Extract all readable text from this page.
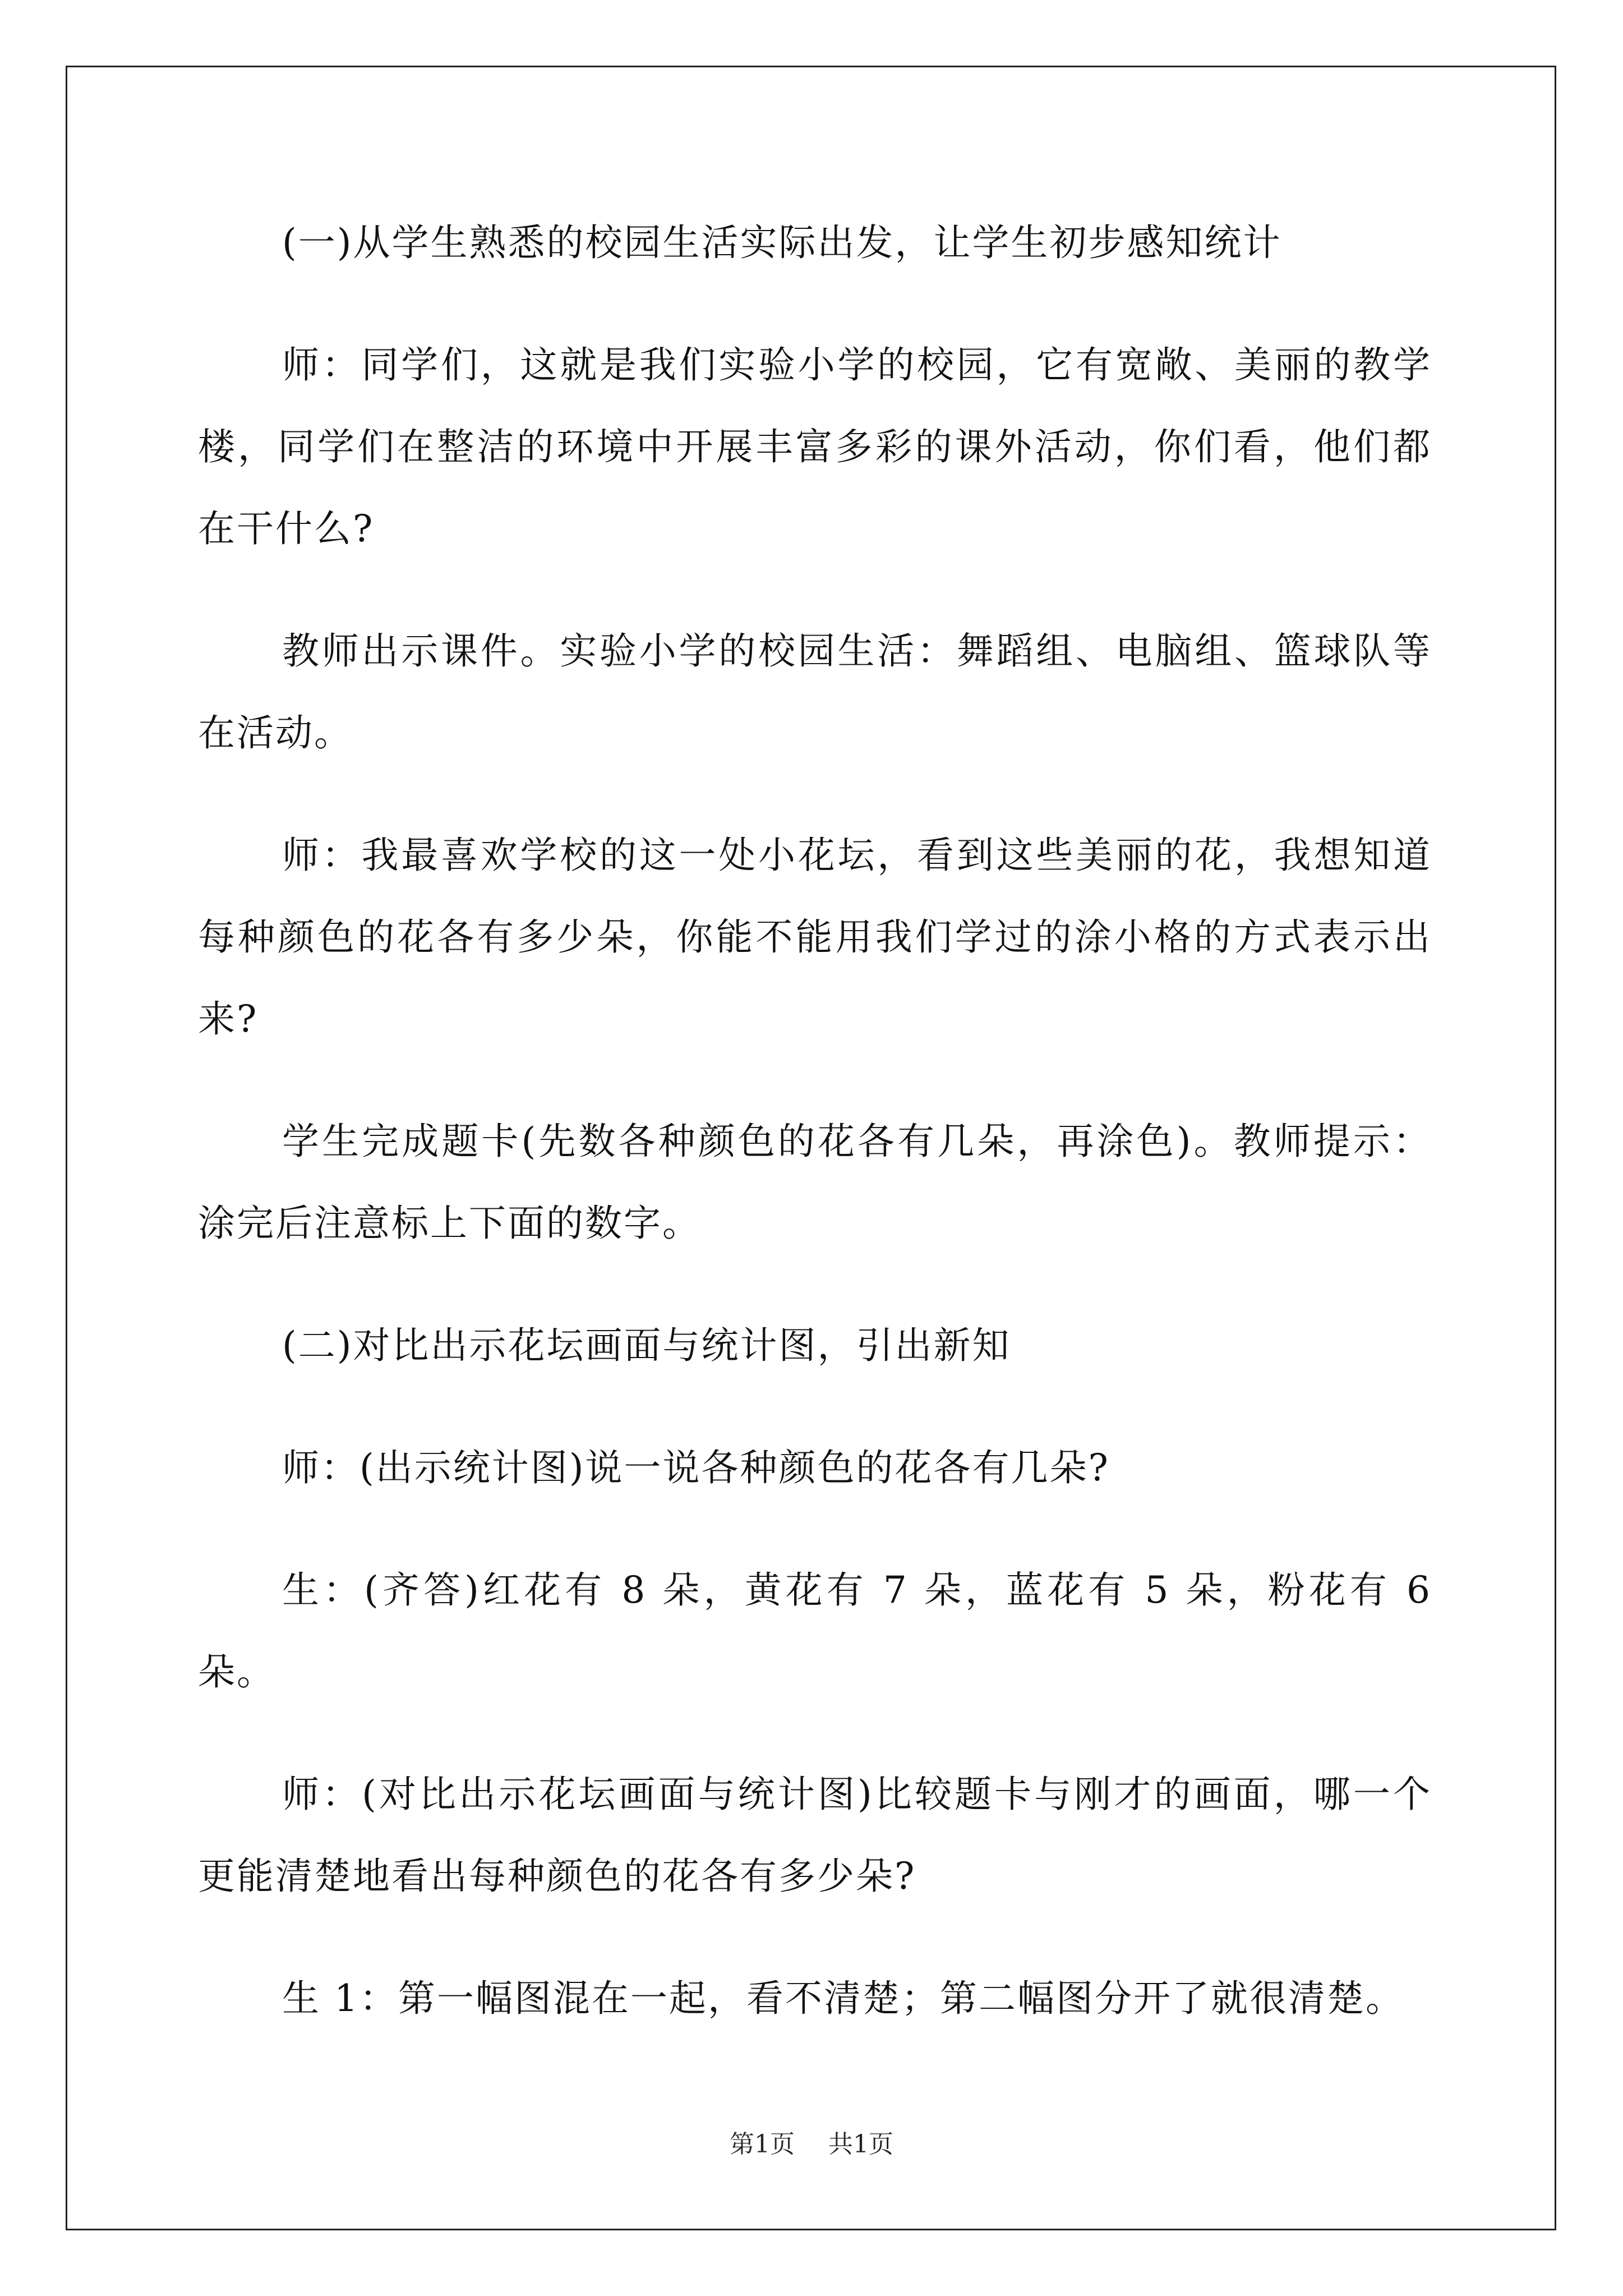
(一)从学生熟悉的校园生活实际出发，让学生初步感知统计

师：同学们，这就是我们实验小学的校园，它有宽敞、美丽的教学楼，同学们在整洁的环境中开展丰富多彩的课外活动，你们看，他们都在干什么?

教师出示课件。实验小学的校园生活：舞蹈组、电脑组、篮球队等在活动。

师：我最喜欢学校的这一处小花坛，看到这些美丽的花，我想知道每种颜色的花各有多少朵，你能不能用我们学过的涂小格的方式表示出来?

学生完成题卡(先数各种颜色的花各有几朵，再涂色)。教师提示：涂完后注意标上下面的数字。

(二)对比出示花坛画面与统计图，引出新知

师：(出示统计图)说一说各种颜色的花各有几朵?

生：(齐答)红花有 8 朵，黄花有 7 朵，蓝花有 5 朵，粉花有 6 朵。

师：(对比出示花坛画面与统计图)比较题卡与刚才的画面，哪一个更能清楚地看出每种颜色的花各有多少朵?

生 1：第一幅图混在一起，看不清楚；第二幅图分开了就很清楚。

第1页 共1页
